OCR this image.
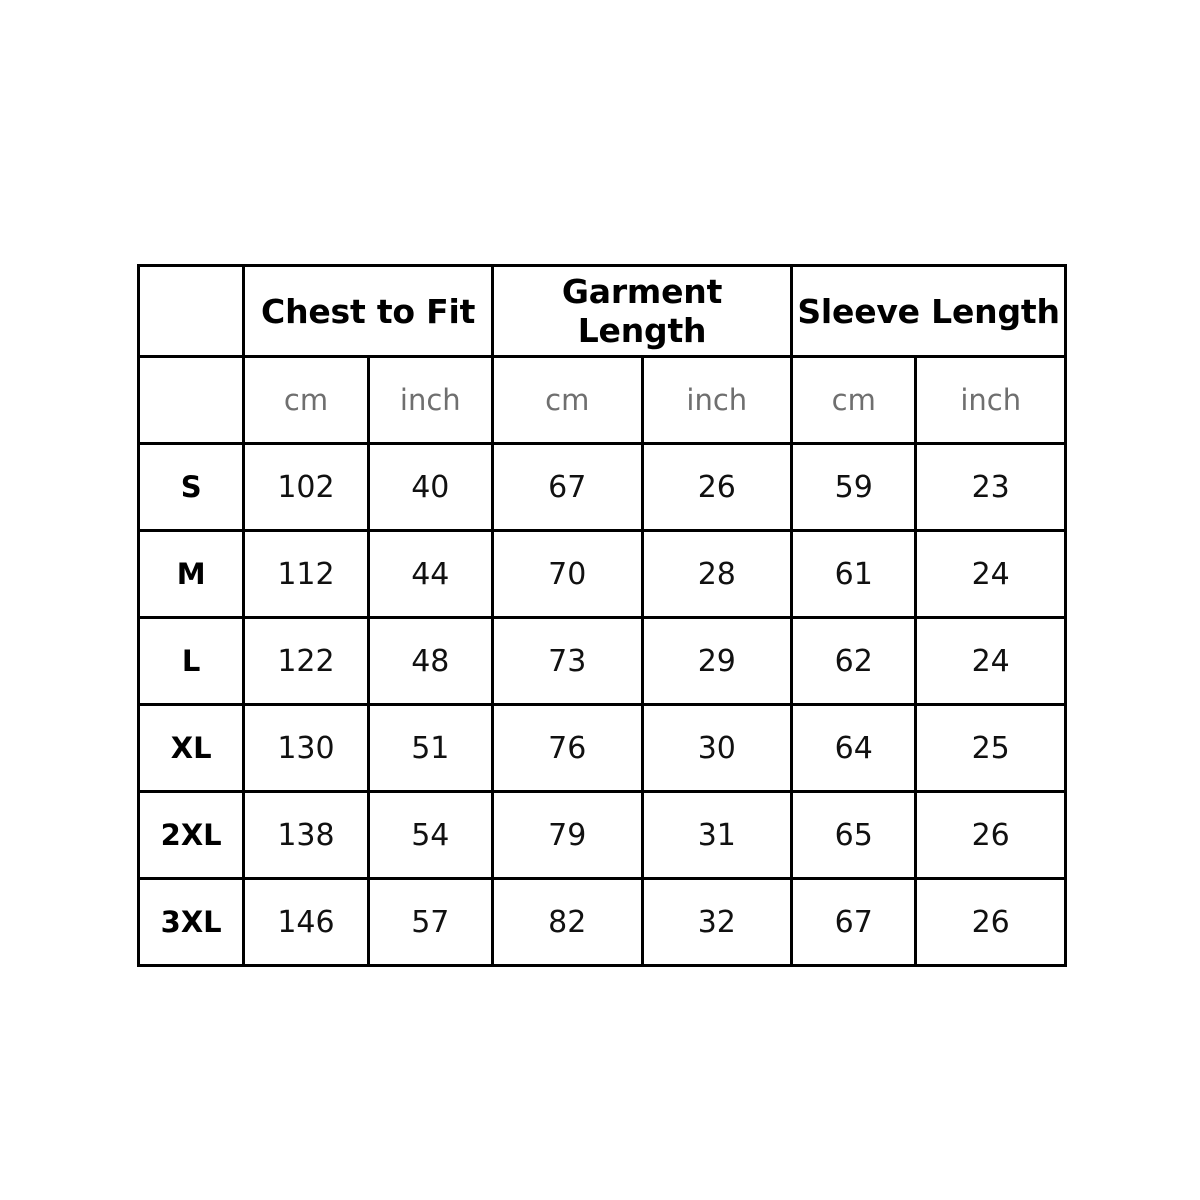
	Chest to Fit		Garment Length		Sleeve Length	
	cm	inch	cm	inch	cm	inch
S	102	40	67	26	59	23
M	112	44	70	28	61	24
L	122	48	73	29	62	24
XL	130	51	76	30	64	25
2XL	138	54	79	31	65	26
3XL	146	57	82	32	67	26
